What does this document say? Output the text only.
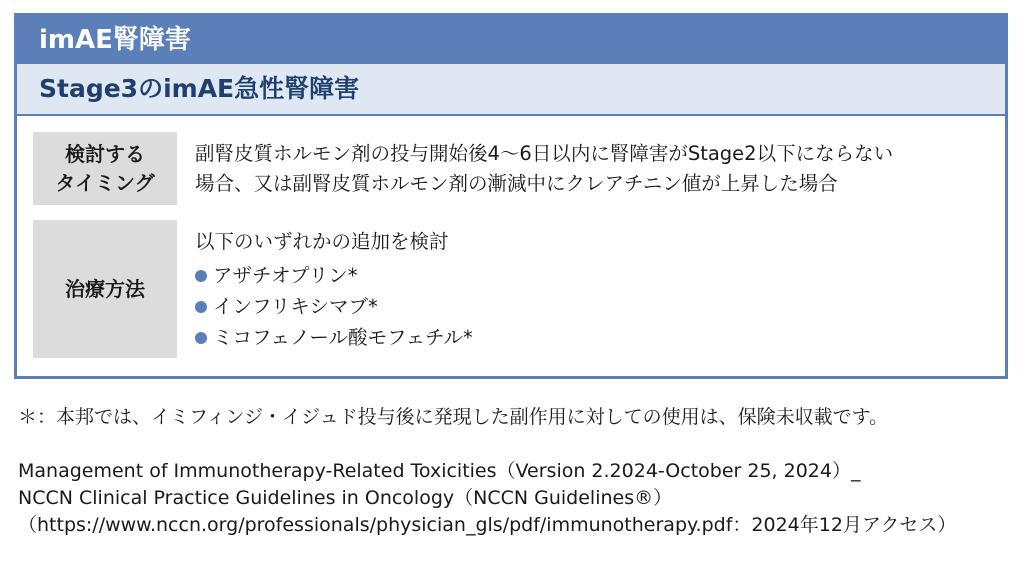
imAE腎障害
Stage3のimAE急性腎障害
検討する
タイミング
副腎皮質ホルモン剤の投与開始後4〜6日以内に腎障害がStage2以下にならない
場合、又は副腎皮質ホルモン剤の漸減中にクレアチニン値が上昇した場合
治療方法
以下のいずれかの追加を検討
アザチオプリン*
インフリキシマブ*
ミコフェノール酸モフェチル*
＊：本邦では、イミフィンジ・イジュド投与後に発現した副作用に対しての使用は、保険未収載です。
Management of Immunotherapy-Related Toxicities（Version 2.2024-October 25, 2024）_
NCCN Clinical Practice Guidelines in Oncology（NCCN Guidelines®）
（https://www.nccn.org/professionals/physician_gls/pdf/immunotherapy.pdf：2024年12月アクセス）
